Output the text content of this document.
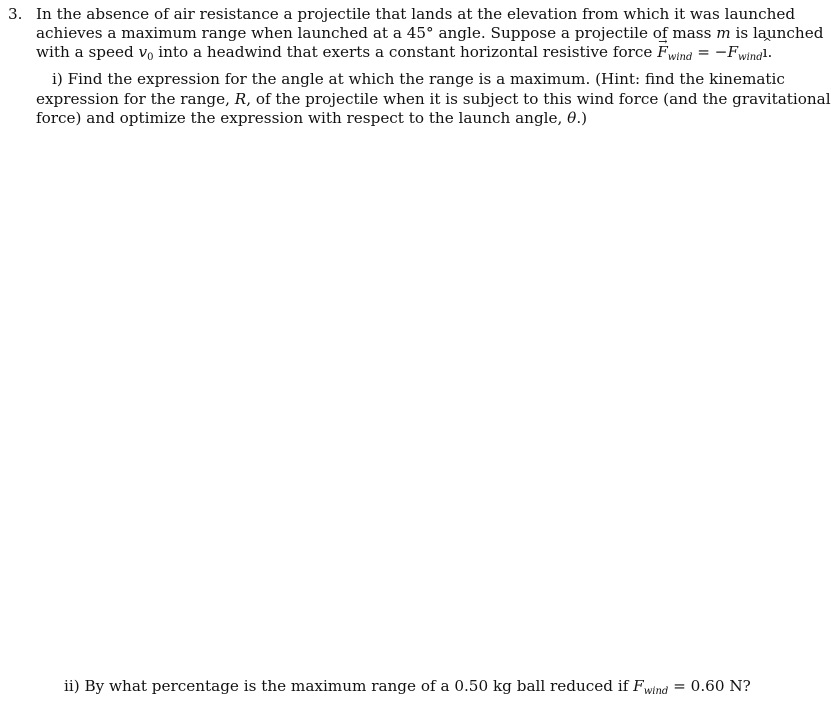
3. In the absence of air resistance a projectile that lands at the elevation from which it was launched
achieves a maximum range when launched at a 45° angle. Suppose a projectile of mass m is launched
with a speed $v_0$ into a headwind that exerts a constant horizontal resistive force → $F_{wind}$ = $-F_{wind}\^{}$ ı.
i) Find the expression for the angle at which the range is a maximum. (Hint: find the kinematic
expression for the range, R, of the projectile when it is subject to this wind force (and the gravitational
force) and optimize the expression with respect to the launch angle, θ.)
ii) By what percentage is the maximum range of a 0.50 kg ball reduced if $F_{wind} = 0.60$ N?
